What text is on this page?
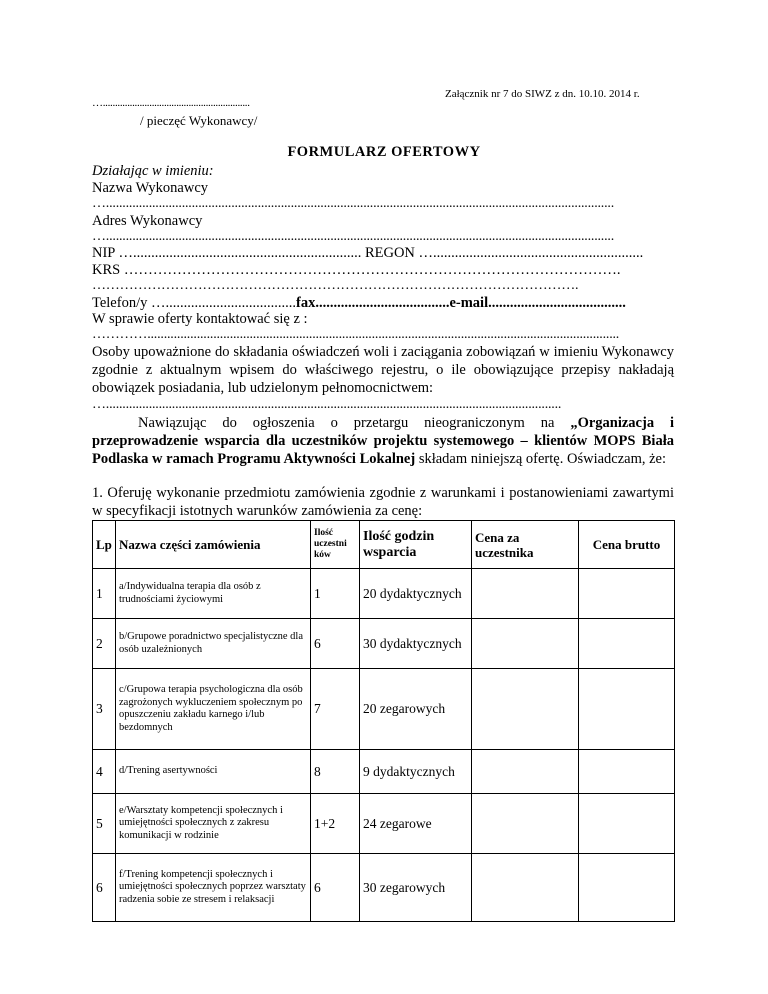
Załącznik nr 7 do SIWZ z dn. 10.10. 2014 r.
…............................................................
/ pieczęć Wykonawcy/
FORMULARZ OFERTOWY
Działając w imieniu:
Nazwa Wykonawcy
…..........................................................................................................................................................
Adres Wykonawcy
…..........................................................................................................................................................
NIP …............................................................... REGON …..........................................................
KRS ………………………………………………………………………………………….
…………………………………………………………………………………………….
Telefon/y …....................................fax.....................................e-mail......................................
W sprawie oferty kontaktować się z :
…………...............................................................................................................................................
Osoby upoważnione do składania oświadczeń woli i zaciągania zobowiązań w imieniu Wykonawcy zgodnie z aktualnym wpisem do właściwego rejestru, o ile obowiązujące przepisy nakładają obowiązek posiadania, lub udzielonym pełnomocnictwem:
…..........................................................................................................................................
Nawiązując do ogłoszenia o przetargu nieograniczonym na „Organizacja i przeprowadzenie wsparcia dla uczestników projektu systemowego – klientów MOPS Biała Podlaska w ramach Programu Aktywności Lokalnej składam niniejszą ofertę. Oświadczam, że:
1. Oferuję wykonanie przedmiotu zamówienia zgodnie z warunkami i postanowieniami zawartymi w specyfikacji istotnych warunków zamówienia za cenę:
Lp	Nazwa części zamówienia	Ilość uczestni ków	Ilość godzin wsparcia	Cena za uczestnika	Cena brutto
1	a/Indywidualna terapia dla osób z trudnościami życiowymi	1	20 dydaktycznych		
2	b/Grupowe poradnictwo specjalistyczne dla osób uzależnionych	6	30 dydaktycznych		
3	c/Grupowa terapia psychologiczna dla osób zagrożonych wykluczeniem społecznym po opuszczeniu zakładu karnego i/lub bezdomnych	7	20 zegarowych		
4	d/Trening asertywności	8	9 dydaktycznych		
5	e/Warsztaty kompetencji społecznych i umiejętności społecznych z zakresu komunikacji w rodzinie	1+2	24 zegarowe		
6	f/Trening kompetencji społecznych i umiejętności społecznych poprzez warsztaty radzenia sobie ze stresem i relaksacji	6	30 zegarowych		
